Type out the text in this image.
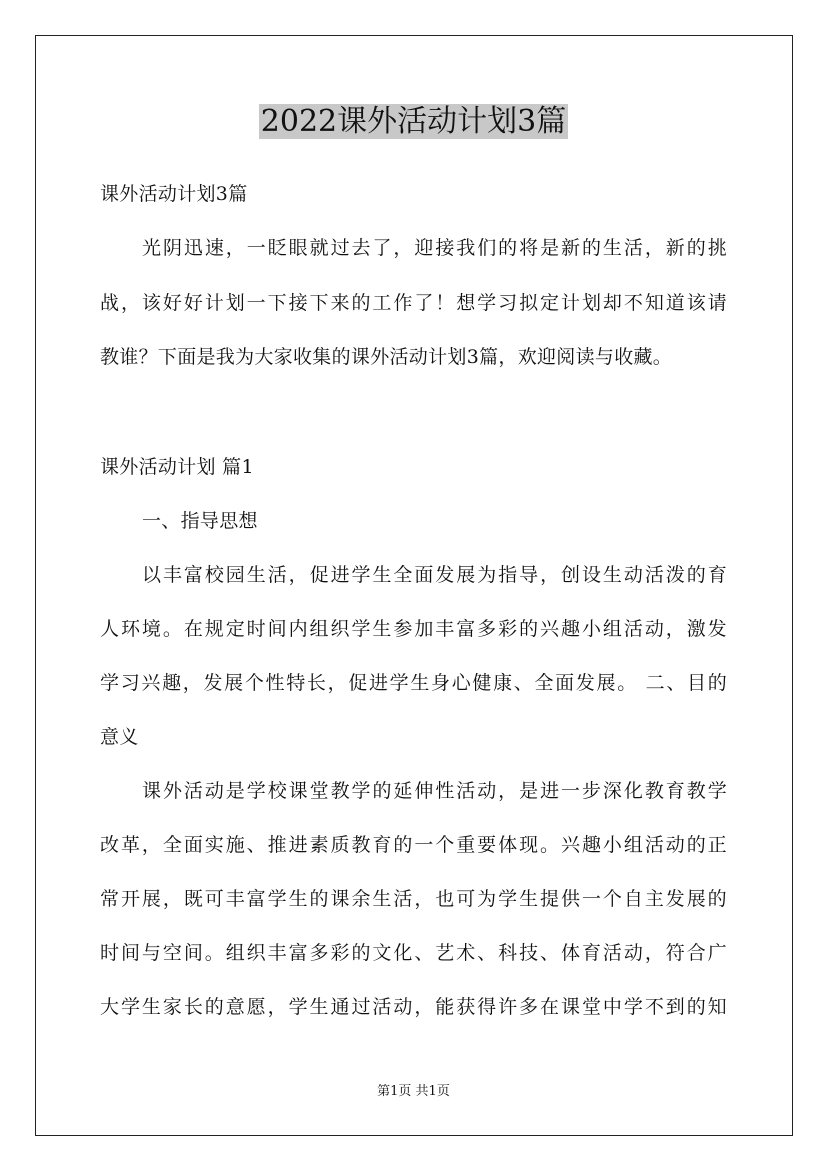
2022课外活动计划3篇

课外活动计划3篇

光阴迅速，一眨眼就过去了，迎接我们的将是新的生活，新的挑

战，该好好计划一下接下来的工作了！想学习拟定计划却不知道该请

教谁？下面是我为大家收集的课外活动计划3篇，欢迎阅读与收藏。

课外活动计划 篇1

一、指导思想

以丰富校园生活，促进学生全面发展为指导，创设生动活泼的育

人环境。在规定时间内组织学生参加丰富多彩的兴趣小组活动，激发

学习兴趣，发展个性特长，促进学生身心健康、全面发展。 二、目的

意义

课外活动是学校课堂教学的延伸性活动，是进一步深化教育教学

改革，全面实施、推进素质教育的一个重要体现。兴趣小组活动的正

常开展，既可丰富学生的课余生活，也可为学生提供一个自主发展的

时间与空间。组织丰富多彩的文化、艺术、科技、体育活动，符合广

大学生家长的意愿，学生通过活动，能获得许多在课堂中学不到的知

第1页 共1页
